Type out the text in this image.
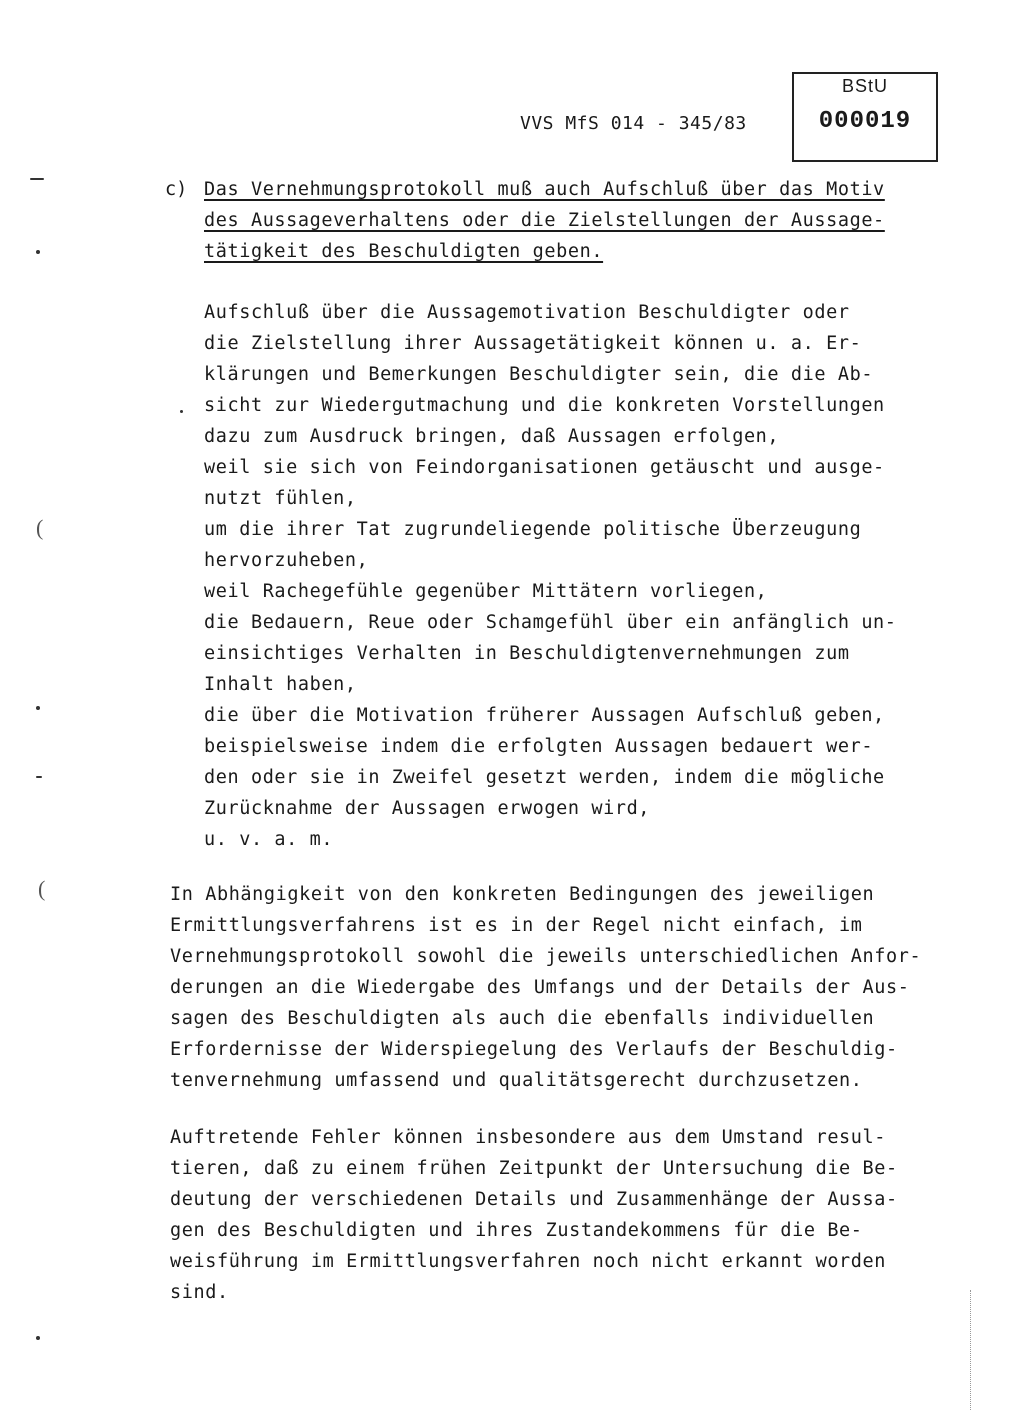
BStU
000019
VVS MfS 014 - 345/83
c) Das Vernehmungsprotokoll muß auch Aufschluß über das Motiv
des Aussageverhaltens oder die Zielstellungen der Aussage-
tätigkeit des Beschuldigten geben.
Aufschluß über die Aussagemotivation Beschuldigter oder
die Zielstellung ihrer Aussagetätigkeit können u. a. Er-
klärungen und Bemerkungen Beschuldigter sein, die die Ab-
sicht zur Wiedergutmachung und die konkreten Vorstellungen
dazu zum Ausdruck bringen, daß Aussagen erfolgen,
weil sie sich von Feindorganisationen getäuscht und ausge-
nutzt fühlen,
um die ihrer Tat zugrundeliegende politische Überzeugung
hervorzuheben,
weil Rachegefühle gegenüber Mittätern vorliegen,
die Bedauern, Reue oder Schamgefühl über ein anfänglich un-
einsichtiges Verhalten in Beschuldigtenvernehmungen zum
Inhalt haben,
die über die Motivation früherer Aussagen Aufschluß geben,
beispielsweise indem die erfolgten Aussagen bedauert wer-
den oder sie in Zweifel gesetzt werden, indem die mögliche
Zurücknahme der Aussagen erwogen wird,
u. v. a. m.
In Abhängigkeit von den konkreten Bedingungen des jeweiligen
Ermittlungsverfahrens ist es in der Regel nicht einfach, im
Vernehmungsprotokoll sowohl die jeweils unterschiedlichen Anfor-
derungen an die Wiedergabe des Umfangs und der Details der Aus-
sagen des Beschuldigten als auch die ebenfalls individuellen
Erfordernisse der Widerspiegelung des Verlaufs der Beschuldig-
tenvernehmung umfassend und qualitätsgerecht durchzusetzen.
Auftretende Fehler können insbesondere aus dem Umstand resul-
tieren, daß zu einem frühen Zeitpunkt der Untersuchung die Be-
deutung der verschiedenen Details und Zusammenhänge der Aussa-
gen des Beschuldigten und ihres Zustandekommens für die Be-
weisführung im Ermittlungsverfahren noch nicht erkannt worden
sind.
(
(
